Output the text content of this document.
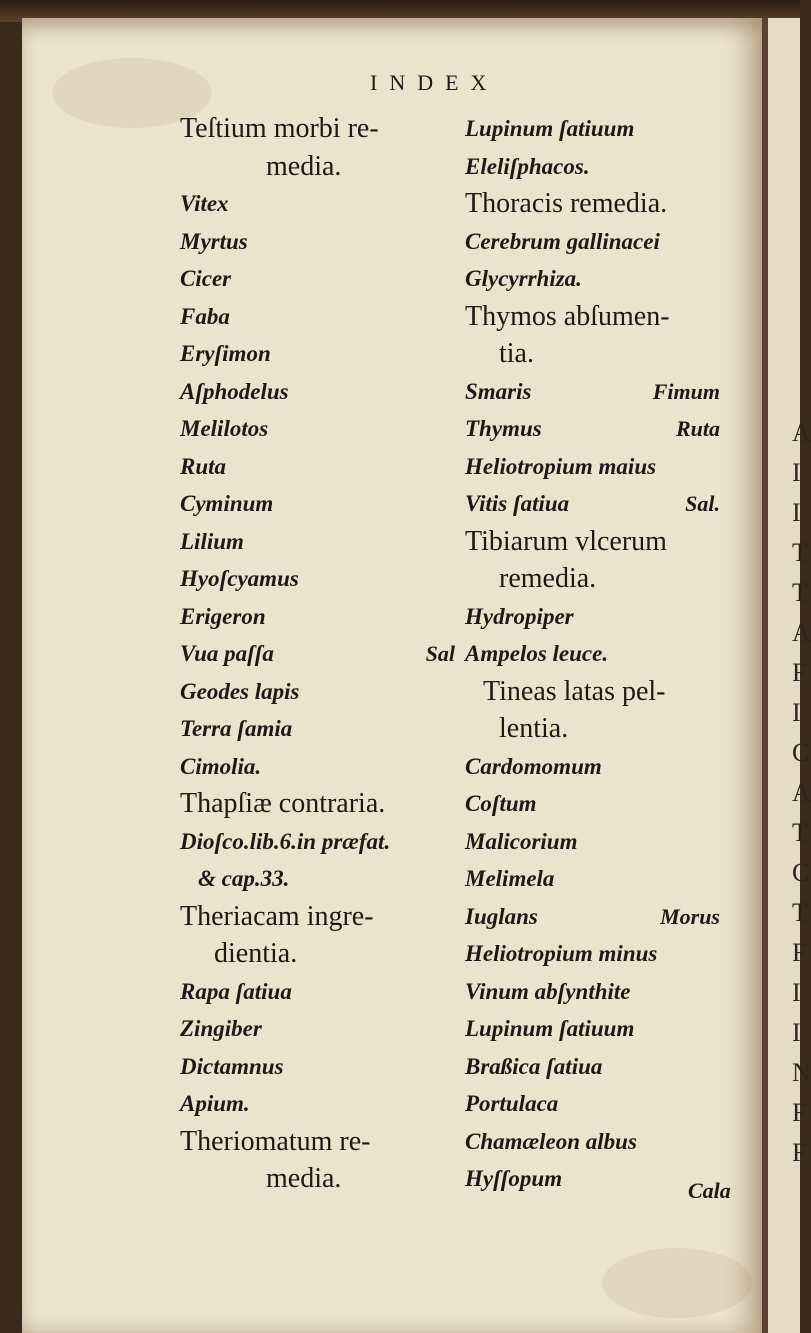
A
I
I
T
T
A
F
I
C
A
T
C
T
F
I
I
N
F
F
INDEX
Teſtium morbi re-
media.
Vitex
Myrtus
Cicer
Faba
Eryſimon
Aſphodelus
Melilotos
Ruta
Cyminum
Lilium
Hyoſcyamus
Erigeron
Vua paſſa	Sal
Geodes lapis
Terra ſamia
Cimolia.
Thapſiæ contraria.
Dioſco.lib.6.in præfat.
& cap.33.
Theriacam ingre-
dientia.
Rapa ſatiua
Zingiber
Dictamnus
Apium.
Theriomatum re-
media.
Lupinum ſatiuum
Eleliſphacos.
Thoracis remedia.
Cerebrum gallinacei
Glycyrrhiza.
Thymos abſumen-
tia.
Smaris	Fimum
Thymus	Ruta
Heliotropium maius
Vitis ſatiua	Sal.
Tibiarum vlcerum
remedia.
Hydropiper
Ampelos leuce.
Tineas latas pel-
lentia.
Cardomomum
Coſtum
Malicorium
Melimela
Iuglans	Morus
Heliotropium minus
Vinum abſynthite
Lupinum ſatiuum
Braßica ſatiua
Portulaca
Chamæleon albus
Hyſſopum	Cala
